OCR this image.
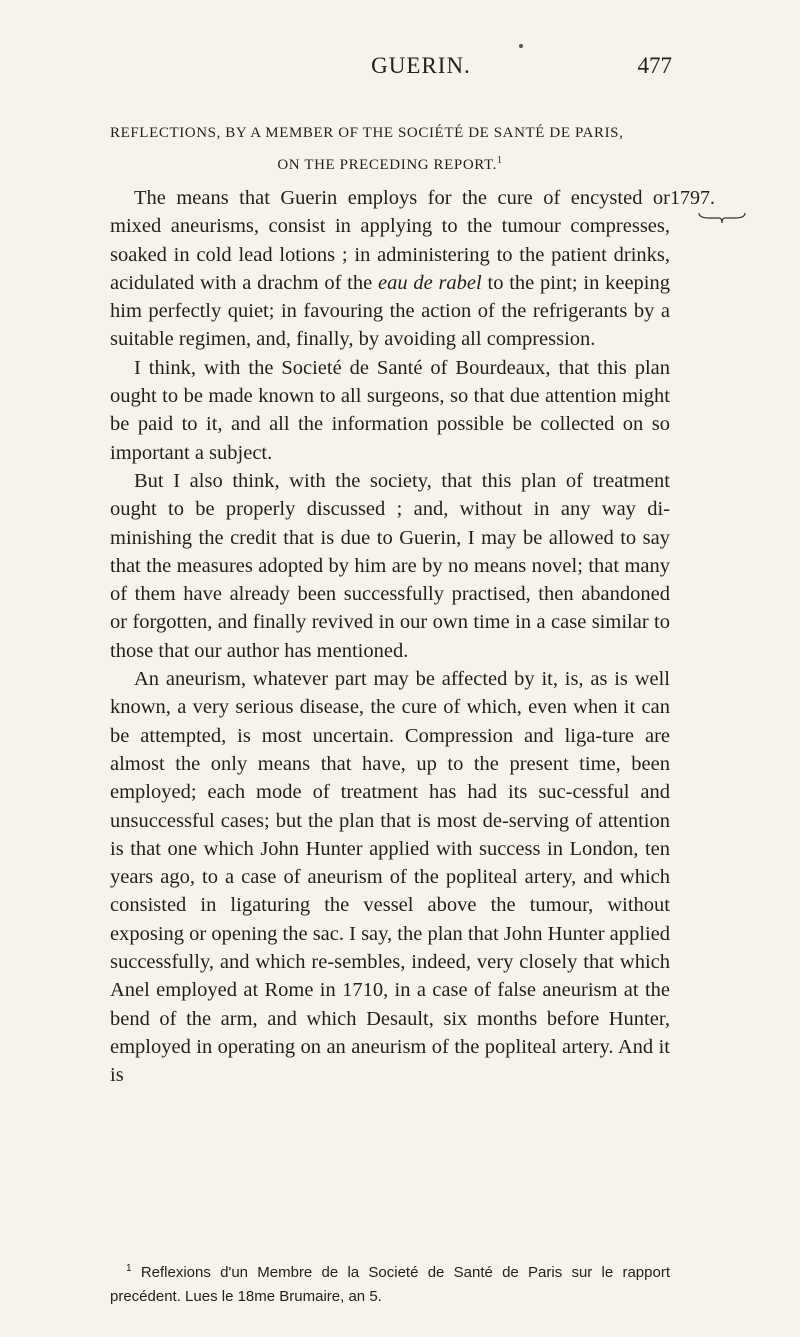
GUERIN.	477
REFLECTIONS, BY A MEMBER OF THE SOCIÉTÉ DE SANTÉ DE PARIS,
ON THE PRECEDING REPORT.$^1$
1797.

The means that Guerin employs for the cure of encysted or mixed aneurisms, consist in applying to the tumour compresses, soaked in cold lead lotions ; in administering to the patient drinks, acidulated with a drachm of the eau de rabel to the pint; in keeping him perfectly quiet; in favouring the action of the refrigerants by a suitable regimen, and, finally, by avoiding all compression.

I think, with the Societé de Santé of Bourdeaux, that this plan ought to be made known to all surgeons, so that due attention might be paid to it, and all the information possible be collected on so important a subject.

But I also think, with the society, that this plan of treatment ought to be properly discussed ; and, without in any way di-minishing the credit that is due to Guerin, I may be allowed to say that the measures adopted by him are by no means novel; that many of them have already been successfully practised, then abandoned or forgotten, and finally revived in our own time in a case similar to those that our author has mentioned.

An aneurism, whatever part may be affected by it, is, as is well known, a very serious disease, the cure of which, even when it can be attempted, is most uncertain. Compression and liga-ture are almost the only means that have, up to the present time, been employed; each mode of treatment has had its suc-cessful and unsuccessful cases; but the plan that is most de-serving of attention is that one which John Hunter applied with success in London, ten years ago, to a case of aneurism of the popliteal artery, and which consisted in ligaturing the vessel above the tumour, without exposing or opening the sac. I say, the plan that John Hunter applied successfully, and which re-sembles, indeed, very closely that which Anel employed at Rome in 1710, in a case of false aneurism at the bend of the arm, and which Desault, six months before Hunter, employed in operating on an aneurism of the popliteal artery. And it is

$^1$ Reflexions d'un Membre de la Societé de Santé de Paris sur le rapport precédent. Lues le 18me Brumaire, an 5.
